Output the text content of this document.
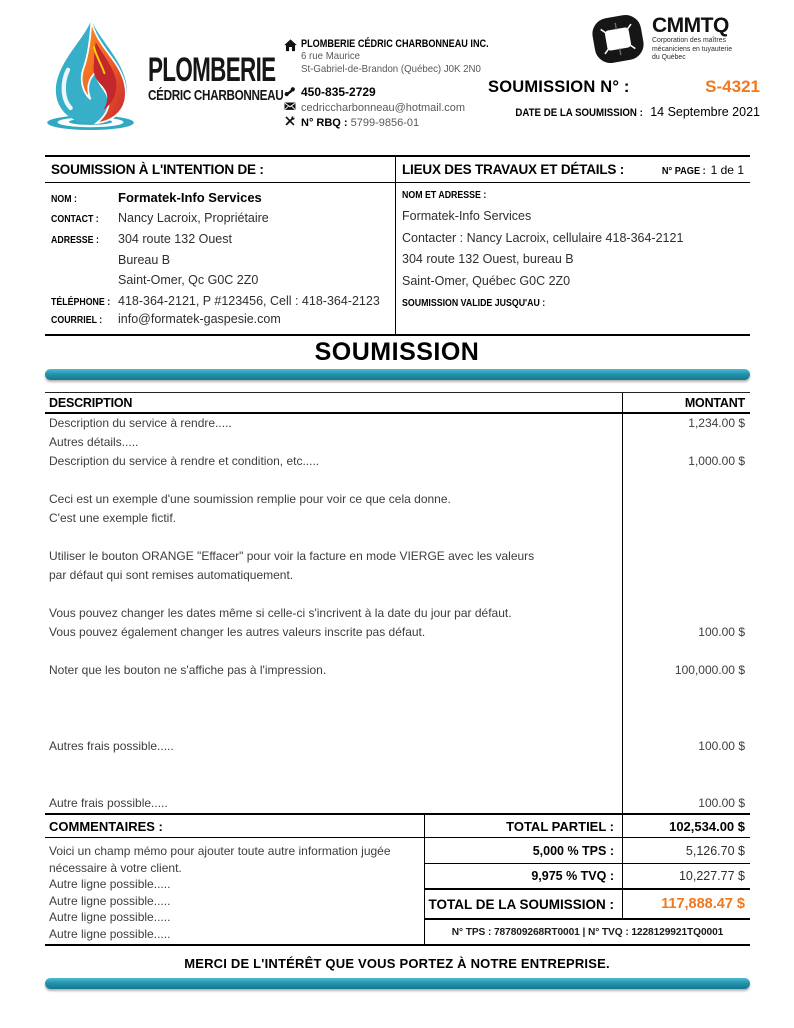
PLOMBERIE
CÉDRIC CHARBONNEAU
PLOMBERIE CÉDRIC CHARBONNEAU INC.
6 rue Maurice
St-Gabriel-de-Brandon (Québec) J0K 2N0
450-835-2729
cedriccharbonneau@hotmail.com
N° RBQ : 5799-9856-01
CMMTQ
Corporation des maîtres
mécaniciens en tuyauterie
du Québec
SOUMISSION N° :	S-4321
DATE DE LA SOUMISSION : 14 Septembre 2021
SOUMISSION À L'INTENTION DE :
NOM :	Formatek-Info Services
CONTACT :	Nancy Lacroix, Propriétaire
ADRESSE :	304 route 132 Ouest
Bureau B
Saint-Omer, Qc G0C 2Z0
TÉLÉPHONE : 418-364-2121, P #123456, Cell : 418-364-2123
COURRIEL :	info@formatek-gaspesie.com
LIEUX DES TRAVAUX ET DÉTAILS :	N° PAGE : 1 de 1
NOM ET ADRESSE :
Formatek-Info Services
Contacter : Nancy Lacroix, cellulaire 418-364-2121
304 route 132 Ouest, bureau B
Saint-Omer, Québec G0C 2Z0
SOUMISSION VALIDE JUSQU'AU :
SOUMISSION
DESCRIPTION	MONTANT
Description du service à rendre.....	1,234.00 $
Autres détails.....
Description du service à rendre et condition, etc.....	1,000.00 $
Ceci est un exemple d'une soumission remplie pour voir ce que cela donne.
C'est une exemple fictif.
Utiliser le bouton ORANGE "Effacer" pour voir la facture en mode VIERGE avec les valeurs
par défaut qui sont remises automatiquement.
Vous pouvez changer les dates même si celle-ci s'incrivent à la date du jour par défaut.
Vous pouvez également changer les autres valeurs inscrite pas défaut.	100.00 $
Noter que les bouton ne s'affiche pas à l'impression.	100,000.00 $
Autres frais possible.....	100.00 $
Autre frais possible.....	100.00 $
COMMENTAIRES :
Voici un champ mémo pour ajouter toute autre information jugée
nécessaire à votre client.
Autre ligne possible.....
Autre ligne possible.....
Autre ligne possible.....
Autre ligne possible.....
TOTAL PARTIEL :	102,534.00 $
5,000 % TPS :	5,126.70 $
9,975 % TVQ :	10,227.77 $
TOTAL DE LA SOUMISSION :	117,888.47 $
N° TPS : 787809268RT0001 | N° TVQ : 1228129921TQ0001
MERCI DE L'INTÉRÊT QUE VOUS PORTEZ À NOTRE ENTREPRISE.
